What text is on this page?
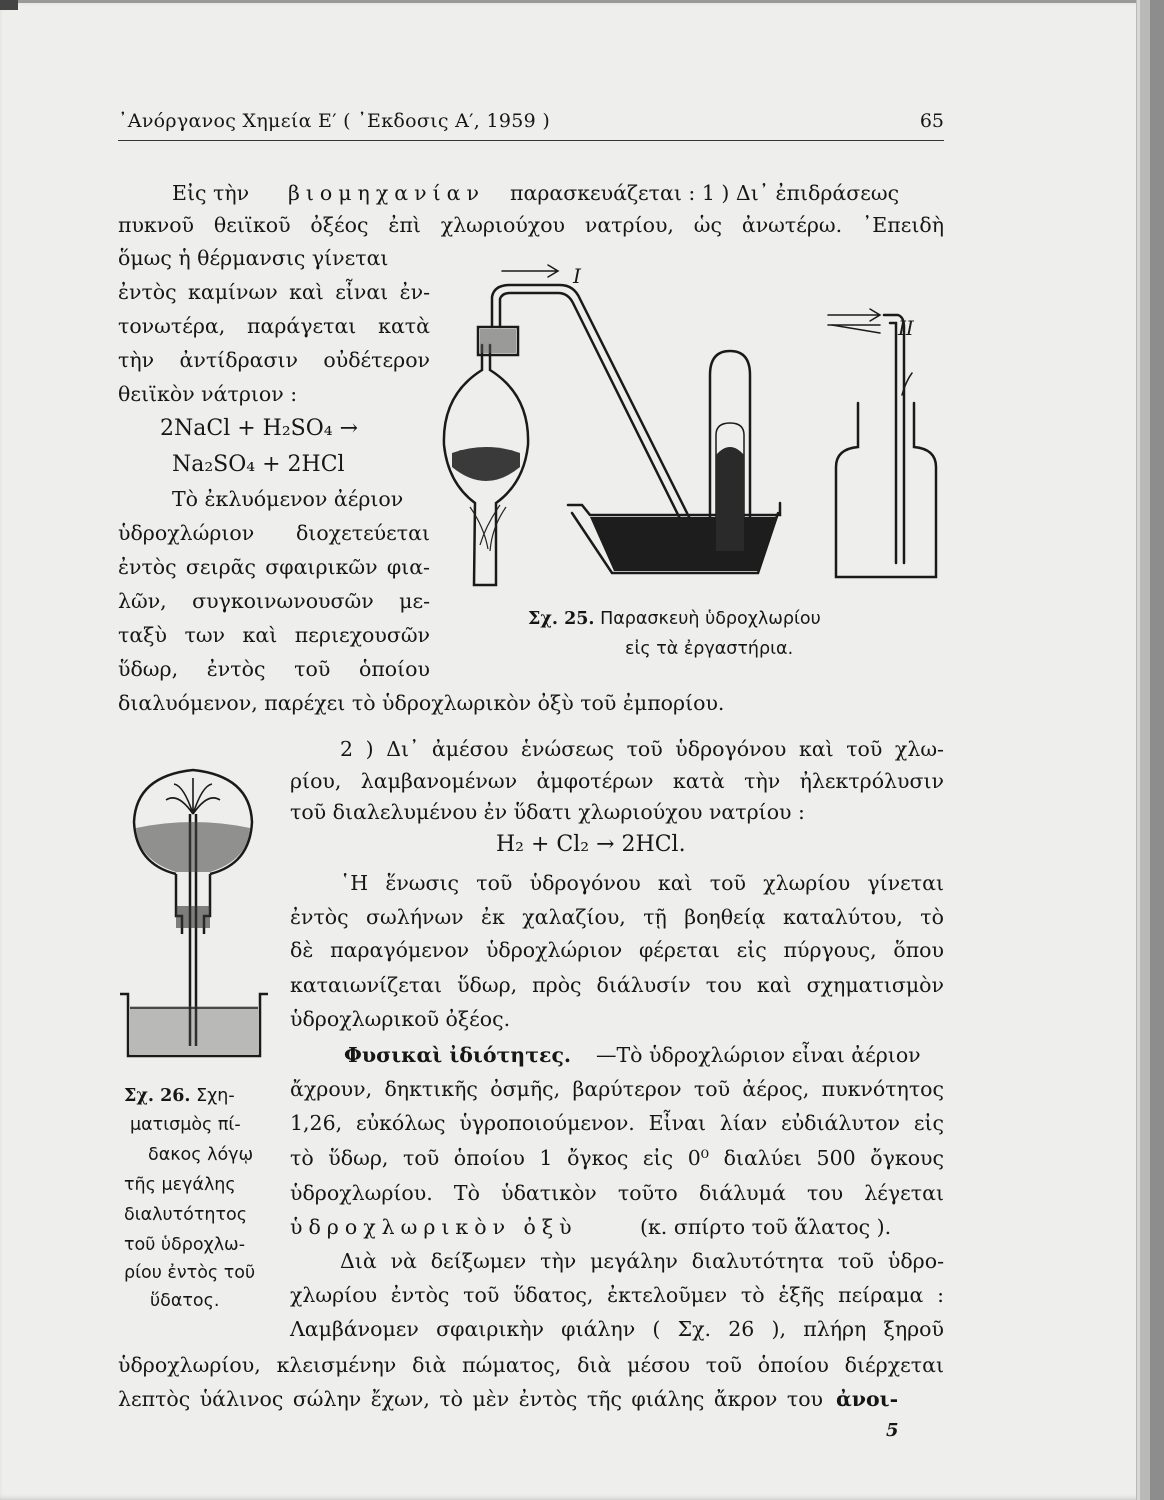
᾿Ανόργανος Χημεία Ε′ ( ᾿Εκδοσις Α′, 1959 )	65
Εἰς τὴν βιομηχανίαν παρασκευάζεται : 1 ) Δι᾿ ἐπιδράσεως
πυκνοῦ θειϊκοῦ ὀξέος ἐπὶ χλωριούχου νατρίου, ὡς ἀνωτέρω. ᾿Επειδὴ
ὅμως ἡ θέρμανσις γίνεται
ἐντὸς καμίνων καὶ εἶναι ἐν-
τονωτέρα, παράγεται κατὰ
τὴν ἀντίδρασιν οὐδέτερον
θειϊκὸν νάτριον :
2NaCl + H₂SO₄ →
Na₂SO₄ + 2HCl
Τὸ ἐκλυόμενον ἀέριον
ὑδροχλώριον διοχετεύεται
ἐντὸς σειρᾶς σφαιρικῶν φια-
λῶν, συγκοινωνουσῶν με-
ταξὺ των καὶ περιεχουσῶν
ὕδωρ, ἐντὸς τοῦ ὁποίου
διαλυόμενον, παρέχει τὸ ὑδροχλωρικὸν ὀξὺ τοῦ ἐμπορίου.
I
II
Σχ. 25. Παρασκευὴ ὑδροχλωρίου
εἰς τὰ ἐργαστήρια.
2 ) Δι᾿ ἀμέσου ἑνώσεως τοῦ ὑδρογόνου καὶ τοῦ χλω-
ρίου, λαμβανομένων ἀμφοτέρων κατὰ τὴν ἠλεκτρόλυσιν
τοῦ διαλελυμένου ἐν ὕδατι χλωριούχου νατρίου :
H₂ + Cl₂ → 2HCl.
῾Η ἕνωσις τοῦ ὑδρογόνου καὶ τοῦ χλωρίου γίνεται
ἐντὸς σωλήνων ἐκ χαλαζίου, τῇ βοηθείᾳ καταλύτου, τὸ
δὲ παραγόμενον ὑδροχλώριον φέρεται εἰς πύργους, ὅπου
καταιωνίζεται ὕδωρ, πρὸς διάλυσίν του καὶ σχηματισμὸν
ὑδροχλωρικοῦ ὀξέος.
Σχ. 26. Σχη-
ματισμὸς πί-
δακος λόγῳ
τῆς μεγάλης
διαλυτότητος
τοῦ ὑδροχλω-
ρίου ἐντὸς τοῦ
ὕδατος.
Φυσικαὶ ἰδιότητες. —Τὸ ὑδροχλώριον εἶναι ἀέριον
ἄχρουν, δηκτικῆς ὀσμῆς, βαρύτερον τοῦ ἀέρος, πυκνότητος
1,26, εὐκόλως ὑγροποιούμενον. Εἶναι λίαν εὐδιάλυτον εἰς
τὸ ὕδωρ, τοῦ ὁποίου 1 ὄγκος εἰς 0⁰ διαλύει 500 ὄγκους
ὑδροχλωρίου. Τὸ ὑδατικὸν τοῦτο διάλυμά του λέγεται
ὑδροχλωρικὸν ὀξὺ	(κ. σπίρτο τοῦ ἅλατος ).
Διὰ νὰ δείξωμεν τὴν μεγάλην διαλυτότητα τοῦ ὑδρο-
χλωρίου ἐντὸς τοῦ ὕδατος, ἐκτελοῦμεν τὸ ἑξῆς πείραμα :
Λαμβάνομεν σφαιρικὴν φιάλην ( Σχ. 26 ), πλήρη ξηροῦ
ὑδροχλωρίου, κλεισμένην διὰ πώματος, διὰ μέσου τοῦ ὁποίου διέρχεται
λεπτὸς ὑάλινος σώλην ἔχων, τὸ μὲν ἐντὸς τῆς φιάλης ἄκρον του ἀνοι-
5
